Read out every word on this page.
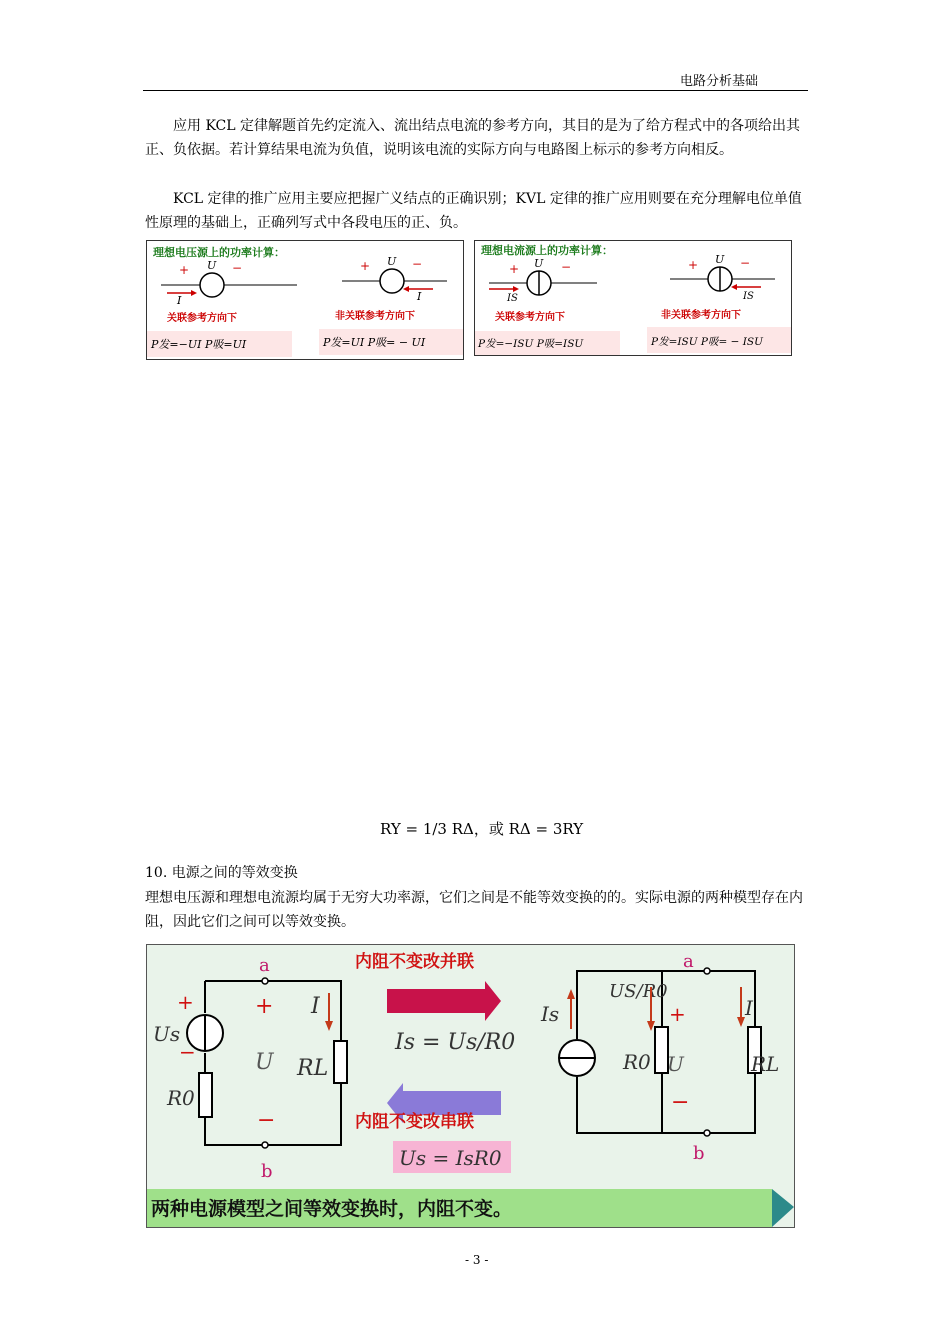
电路分析基础
应用 KCL 定律解题首先约定流入、流出结点电流的参考方向，其目的是为了给方程式中的各项给出其正、负依据。若计算结果电流为负值，说明该电流的实际方向与电路图上标示的参考方向相反。
KCL 定律的推广应用主要应把握广义结点的正确识别；KVL 定律的推广应用则要在充分理解电位单值性原理的基础上，正确列写式中各段电压的正、负。
理想电压源上的功率计算：
+	−
U
I
关联参考方向下
+	−
U
I
非关联参考方向下
P发=−UI P吸=UI	P发=UI P吸= − UI
理想电流源上的功率计算：
+	−
U
IS
关联参考方向下
+	−
U
IS
非关联参考方向下
P发=−ISU P吸=ISU	P发=ISU P吸= − ISU
RY = 1/3 RΔ，或 RΔ = 3RY
10. 电源之间的等效变换
理想电压源和理想电流源均属于无穷大功率源，它们之间是不能等效变换的的。实际电源的两种模型存在内阻，因此它们之间可以等效变换。
a
b
+
−
Us
R0
+
−
U
I
RL
内阻不变改并联
Is = Us/R0
内阻不变改串联
Us = IsR0
a
b
Is
US/R0
R0
+
−
U
I
RL
两种电源模型之间等效变换时，内阻不变。
- 3 -
